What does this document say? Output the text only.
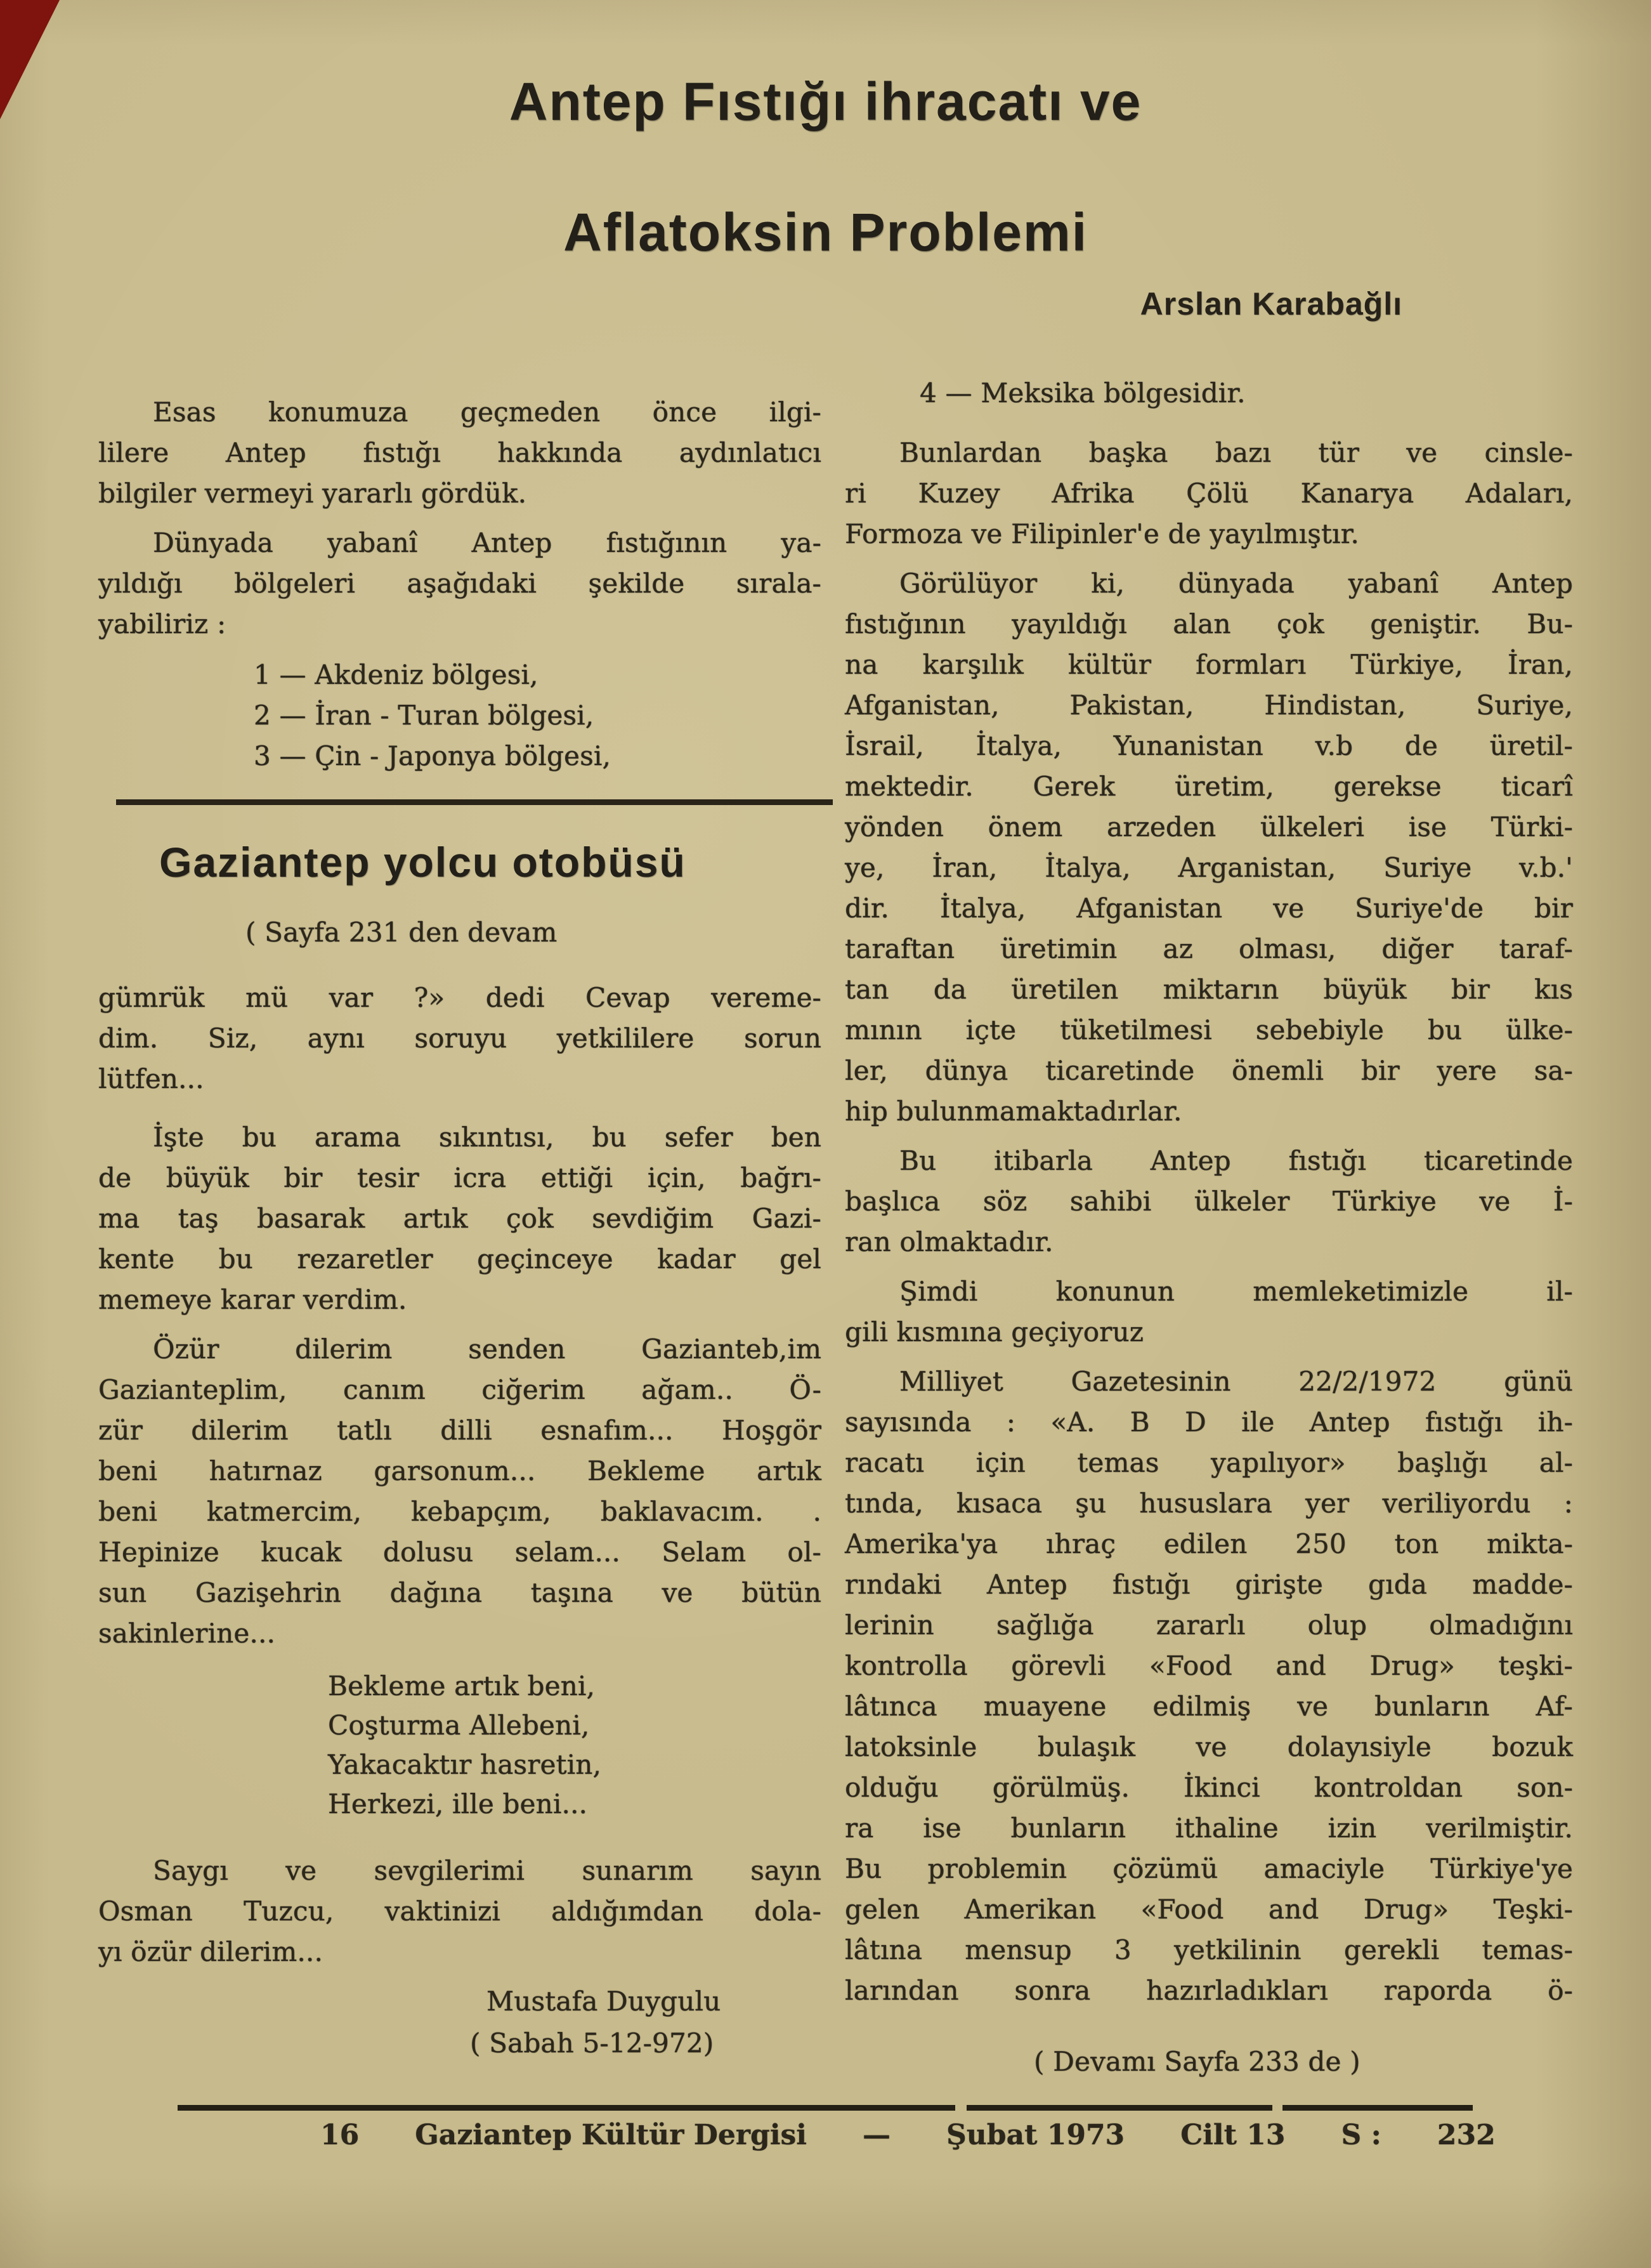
Antep Fıstığı ihracatı ve
Aflatoksin Problemi
Arslan Karabağlı
Esas konumuza geçmeden önce ilgi-
lilere Antep fıstığı hakkında aydınlatıcı
bilgiler vermeyi yararlı gördük.
Dünyada yabanî Antep fıstığının ya-
yıldığı bölgeleri aşağıdaki şekilde sırala-
yabiliriz :
1 — Akdeniz bölgesi,
2 — İran - Turan bölgesi,
3 — Çin - Japonya bölgesi,
Gaziantep yolcu otobüsü
( Sayfa 231 den devam
gümrük mü var ?» dedi Cevap vereme-
dim. Siz, aynı soruyu yetkililere sorun
lütfen...
İşte bu arama sıkıntısı, bu sefer ben
de büyük bir tesir icra ettiği için, bağrı-
ma taş basarak artık çok sevdiğim Gazi-
kente bu rezaretler geçinceye kadar gel
memeye karar verdim.
Özür	dilerim	senden	Gazianteb,im
Gazianteplim, canım ciğerim ağam.. Ö-
zür dilerim tatlı dilli esnafım... Hoşgör
beni hatırnaz garsonum... Bekleme artık
beni katmercim, kebapçım, baklavacım. .
Hepinize kucak dolusu selam... Selam ol-
sun Gazişehrin dağına taşına ve bütün
sakinlerine...
Bekleme artık beni,
Coşturma Allebeni,
Yakacaktır hasretin,
Herkezi, ille beni...
Saygı ve sevgilerimi sunarım sayın
Osman Tuzcu, vaktinizi aldığımdan dola-
yı özür dilerim...
Mustafa Duygulu
( Sabah 5-12-972)
4 — Meksika bölgesidir.
Bunlardan başka bazı tür ve cinsle-
ri Kuzey Afrika Çölü Kanarya Adaları,
Formoza ve Filipinler'e de yayılmıştır.
Görülüyor ki, dünyada yabanî Antep
fıstığının yayıldığı alan çok geniştir. Bu-
na karşılık kültür formları Türkiye, İran,
Afganistan,	Pakistan,	Hindistan,	Suriye,
İsrail, İtalya, Yunanistan v.b de üretil-
mektedir. Gerek üretim, gerekse ticarî
yönden önem arzeden ülkeleri ise Türki-
ye, İran, İtalya, Arganistan, Suriye v.b.'
dir. İtalya, Afganistan ve Suriye'de bir
taraftan üretimin az olması, diğer taraf-
tan da üretilen miktarın büyük bir kıs
mının içte tüketilmesi sebebiyle bu ülke-
ler, dünya ticaretinde önemli bir yere sa-
hip bulunmamaktadırlar.
Bu itibarla Antep fıstığı ticaretinde
başlıca söz sahibi ülkeler Türkiye ve İ-
ran olmaktadır.
Şimdi	konunun	memleketimizle	il-
gili kısmına geçiyoruz
Milliyet	Gazetesinin	22/2/1972	günü
sayısında : «A. B D ile Antep fıstığı ih-
racatı için temas yapılıyor» başlığı al-
tında, kısaca şu hususlara yer veriliyordu :
Amerika'ya ıhraç edilen 250 ton mikta-
rındaki Antep fıstığı girişte gıda madde-
lerinin sağlığa zararlı olup olmadığını
kontrolla görevli «Food and Drug» teşki-
lâtınca muayene edilmiş ve bunların Af-
latoksinle bulaşık ve dolayısiyle bozuk
olduğu görülmüş. İkinci kontroldan son-
ra ise bunların ithaline izin verilmiştir.
Bu problemin çözümü amaciyle Türkiye'ye
gelen Amerikan «Food and Drug» Teşki-
lâtına mensup 3 yetkilinin gerekli temas-
larından sonra hazırladıkları raporda ö-
( Devamı Sayfa 233 de )
16 Gaziantep Kültür Dergisi — Şubat 1973 Cilt 13 S : 232
